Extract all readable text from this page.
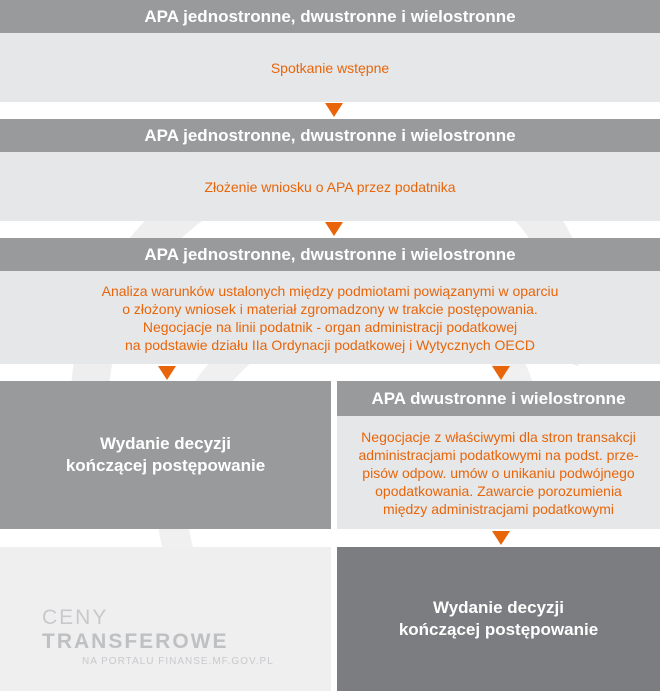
APA jednostronne, dwustronne i wielostronne
Spotkanie wstępne
APA jednostronne, dwustronne i wielostronne
Złożenie wniosku o APA przez podatnika
APA jednostronne, dwustronne i wielostronne
Analiza warunków ustalonych między podmiotami powiązanymi w oparciu
o złożony wniosek i materiał zgromadzony w trakcie postępowania.
Negocjacje na linii podatnik - organ administracji podatkowej
na podstawie działu IIa Ordynacji podatkowej i Wytycznych OECD
Wydanie decyzji
kończącej postępowanie
APA dwustronne i wielostronne
Negocjacje z właściwymi dla stron transakcji
administracjami podatkowymi na podst. prze-
pisów odpow. umów o unikaniu podwójnego
opodatkowania. Zawarcie porozumienia
między administracjami podatkowymi
CENY TRANSFEROWE
NA PORTALU FINANSE.MF.GOV.PL
Wydanie decyzji
kończącej postępowanie
